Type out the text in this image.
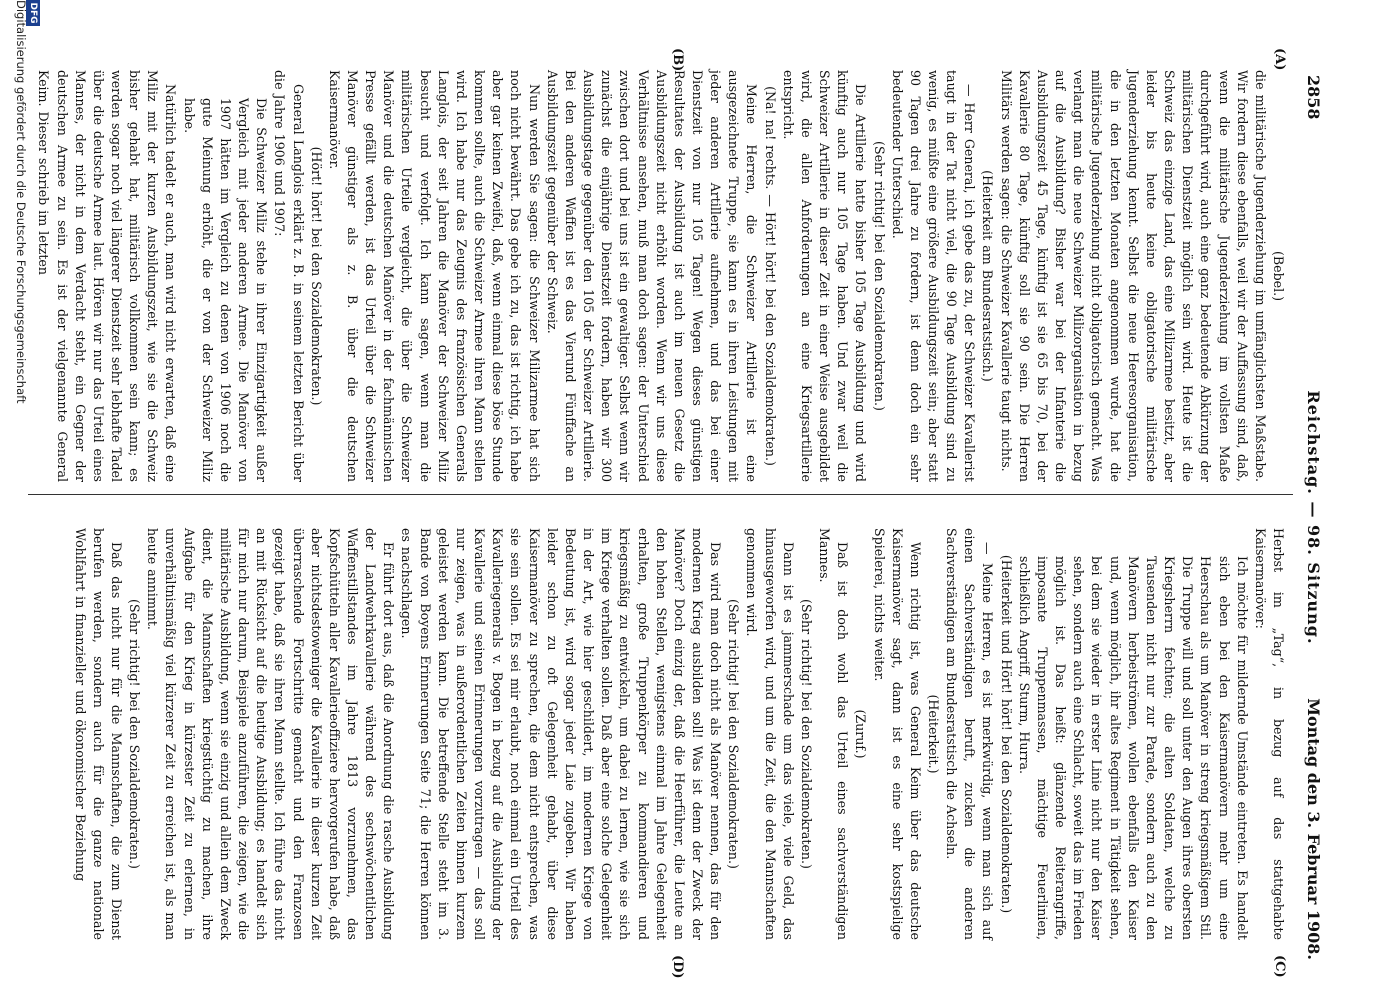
2858
Reichstag. — 98. Sitzung.
Montag den 3. Februar 1908.
(A)
(B)
(C)
(D)

(Bebel.)

die militärische Jugenderziehung im umfänglichsten Maßstabe. Wir fordern diese ebenfalls, weil wir der Auffassung sind, daß, wenn die militärische Jugenderziehung im vollsten Maße durchgeführt wird, auch eine ganz bedeutende Abkürzung der militärischen Dienstzeit möglich sein wird. Heute ist die Schweiz das einzige Land, das eine Milizarmee besitzt, aber leider bis heute keine obligatorische militärische Jugenderziehung kennt. Selbst die neue Heeresorganisation, die in den letzten Monaten angenommen wurde, hat die militärische Jugenderziehung nicht obligatorisch gemacht. Was verlangt man die neue Schweizer Milizorganisation in bezug auf die Ausbildung? Bisher war bei der Infanterie die Ausbildungszeit 45 Tage, künftig ist sie 65 bis 70, bei der Kavallerie 80 Tage, künftig soll sie 90 sein. Die Herren Militärs werden sagen: die Schweizer Kavallerie taugt nichts.

(Heiterkeit am Bundesratstisch.)

— Herr General, ich gebe das zu, der Schweizer Kavallerist taugt in der Tat nicht viel, die 90 Tage Ausbildung sind zu wenig, es müßte eine größere Ausbildungszeit sein; aber statt 90 Tagen drei Jahre zu fordern, ist denn doch ein sehr bedeutender Unterschied.

(Sehr richtig! bei den Sozialdemokraten.)

Die Artillerie hatte bisher 105 Tage Ausbildung und wird künftig auch nur 105 Tage haben. Und zwar weil die Schweizer Artillerie in dieser Zeit in einer Weise ausgebildet wird, die allen Anforderungen an eine Kriegsartillerie entspricht.

(Na! na! rechts. — Hört! hört! bei den Sozialdemokraten.)

Meine Herren, die Schweizer Artillerie ist eine ausgezeichnete Truppe, sie kann es in ihren Leistungen mit jeder anderen Artillerie aufnehmen, und das bei einer Dienstzeit von nur 105 Tagen! Wegen dieses günstigen Resultates der Ausbildung ist auch im neuen Gesetz die Ausbildungszeit nicht erhöht worden. Wenn wir uns diese Verhältnisse ansehen, muß man doch sagen: der Unterschied zwischen dort und bei uns ist ein gewaltiger. Selbst wenn wir zunächst die einjährige Dienstzeit fordern, haben wir 300 Ausbildungstage gegenüber den 105 der Schweizer Artillerie. Bei den anderen Waffen ist es das Vierund Fünffache an Ausbildungszeit gegenüber der Schweiz.

Nun werden Sie sagen: die Schweizer Milizarmee hat sich noch nicht bewährt. Das gebe ich zu, das ist richtig, ich habe aber gar keinen Zweifel, daß, wenn einmal diese böse Stunde kommen sollte, auch die Schweizer Armee ihren Mann stellen wird. Ich habe nur das Zeugnis des französischen Generals Langlois, der seit Jahren die Manöver der Schweizer Miliz besucht und verfolgt. Ich kann sagen, wenn man die militärischen Urteile vergleicht, die über die Schweizer Manöver und die deutschen Manöver in der fachmännischen Presse gefällt werden, ist das Urteil über die Schweizer Manöver günstiger als z. B. über die deutschen Kaisermanöver.

(Hört! hört! bei den Sozialdemokraten.)

General Langlois erklärt z. B. in seinem letzten Bericht über die Jahre 1906 und 1907:

Die Schweizer Miliz stehe in ihrer Einzigartigkeit außer Vergleich mit jeder anderen Armee. Die Manöver von 1907 hätten im Vergleich zu denen von 1906 noch die gute Meinung erhöht, die er von der Schweizer Miliz habe.

Natürlich tadelt er auch, man wird nicht erwarten, daß eine Miliz mit der kurzen Ausbildungszeit, wie sie die Schweiz bisher gehabt hat, militärisch vollkommen sein kann; es werden sogar noch viel längerer Dienstzeit sehr lebhafte Tadel über die deutsche Armee laut. Hören wir nur das Urteil eines Mannes, der nicht in dem Verdacht steht, ein Gegner der deutschen Armee zu sein. Es ist der vielgenannte General Keim. Dieser schrieb im letzten

Herbst im „Tag“, in bezug auf das stattgehabte Kaisermanöver:

Ich möchte für mildernde Umstände eintreten. Es handelt sich eben bei den Kaisermanövern mehr um eine Heerschau als um Manöver in streng kriegsmäßigem Stil. Die Truppe will und soll unter den Augen ihres obersten Kriegsherrn fechten; die alten Soldaten, welche zu Tausenden nicht nur zur Parade, sondern auch zu den Manövern herbeiströmen, wollen ebenfalls den Kaiser und, wenn möglich, ihr altes Regiment in Tätigkeit sehen, bei dem sie wieder in erster Linie nicht nur den Kaiser sehen, sondern auch eine Schlacht, soweit das im Frieden möglich ist. Das heißt: glänzende Reiterangriffe, imposante Truppenmassen, mächtige Feuerlinien, schließlich Angriff, Sturm, Hurra.

(Heiterkeit und Hört! hört! bei den Sozialdemokraten.)

— Meine Herren, es ist merkwürdig, wenn man sich auf einen Sachverständigen beruft, zucken die anderen Sachverständigen am Bundesratstisch die Achseln.

(Heiterkeit.)

Wenn richtig ist, was General Keim über das deutsche Kaisermanöver sagt, dann ist es eine sehr kostspielige Spielerei, nichts weiter.

(Zuruf.)

Daß ist doch wohl das Urteil eines sachverständigen Mannes.

(Sehr richtig! bei den Sozialdemokraten.)

Dann ist es jammerschade um das viele, viele Geld, das hinausgeworfen wird, und um die Zeit, die den Mannschaften genommen wird.

(Sehr richtig! bei den Sozialdemokraten.)

Das wird man doch nicht als Manöver nennen, das für den modernen Krieg ausbilden soll! Was ist denn der Zweck der Manöver? Doch einzig der, daß die Heerführer, die Leute an den hohen Stellen, wenigstens einmal im Jahre Gelegenheit erhalten, große Truppenkörper zu kommandieren und kriegsmäßig zu entwickeln, um dabei zu lernen, wie sie sich im Kriege verhalten sollen. Daß aber eine solche Gelegenheit in der Art, wie hier geschildert, im modernen Kriege von Bedeutung ist, wird sogar jeder Laie zugeben. Wir haben leider schon zu oft Gelegenheit gehabt, über diese Kaisermanöver zu sprechen, die dem nicht entsprechen, was sie sein sollen. Es sei mir erlaubt, noch einmal ein Urteil des Kavalleriegenerals v. Bogen in bezug auf die Ausbildung der Kavallerie und seinen Erinnerungen vorzutragen — das soll nur zeigen, was in außerordentlichen Zeiten binnen kurzem geleistet werden kann. Die betreffende Stelle steht im 3. Bande von Boyens Erinnerungen Seite 71; die Herren können es nachschlagen.

Er führt dort aus, daß die Anordnung die rasche Ausbildung der Landwehrkavallerie während des sechswöchentlichen Waffenstillstandes im Jahre 1813 vorzunehmen, das Kopfschütteln aller Kavallerieoffiziere hervorgerufen habe, daß aber nichtsdestoweniger die Kavallerie in dieser kurzen Zeit überraschende Fortschritte gemacht und den Franzosen gezeigt habe, daß sie ihren Mann stellte. Ich führe das nicht an mit Rücksicht auf die heutige Ausbildung; es handelt sich für mich nur darum, Beispiele anzuführen, die zeigen, wie die militärische Ausbildung, wenn sie einzig und allein dem Zweck dient, die Mannschaften kriegstüchtig zu machen, ihre Aufgabe für den Krieg in kürzester Zeit zu erlernen, in unverhältnismäßig viel kürzerer Zeit zu erreichen ist, als man heute annimmt.

(Sehr richtig! bei den Sozialdemokraten.)

Daß das nicht nur für die Mannschaften, die zum Dienst berufen werden, sondern auch für die ganze nationale Wohlfahrt in finanzieller und ökonomischer Beziehung

DFG
Digitalisierung gefördert durch die Deutsche Forschungsgemeinschaft
